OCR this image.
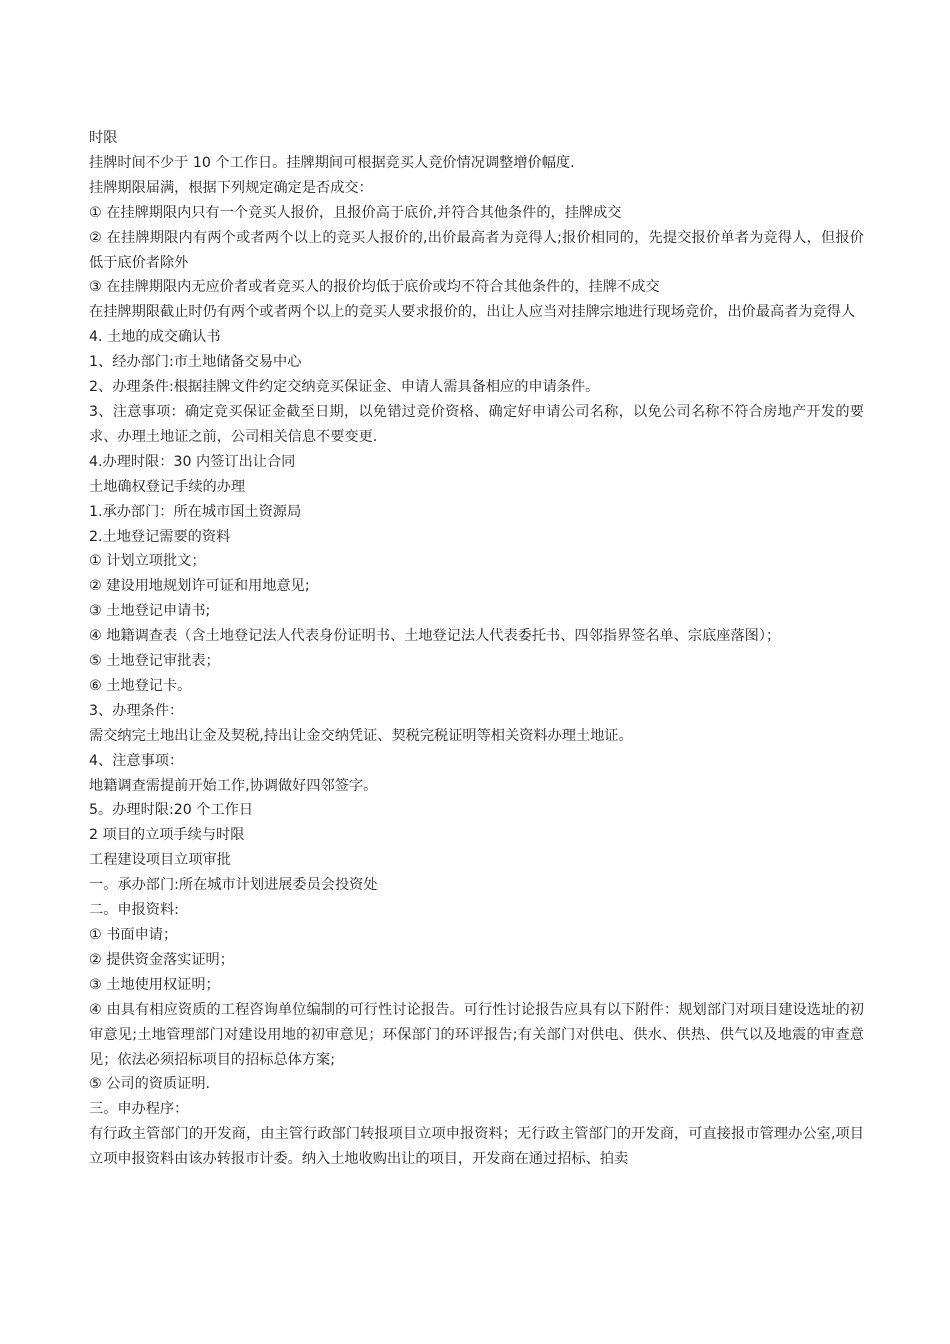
时限
挂牌时间不少于 10 个工作日。挂牌期间可根据竞买人竞价情况调整增价幅度.
挂牌期限届满，根据下列规定确定是否成交：
① 在挂牌期限内只有一个竞买人报价，且报价高于底价,并符合其他条件的，挂牌成交
② 在挂牌期限内有两个或者两个以上的竞买人报价的,出价最高者为竞得人;报价相同的，先提交报价单者为竞得人，但报价低于底价者除外
③ 在挂牌期限内无应价者或者竞买人的报价均低于底价或均不符合其他条件的，挂牌不成交
在挂牌期限截止时仍有两个或者两个以上的竞买人要求报价的，出让人应当对挂牌宗地进行现场竞价，出价最高者为竞得人
4. 土地的成交确认书
1、经办部门:市土地储备交易中心
2、办理条件:根据挂牌文件约定交纳竞买保证金、申请人需具备相应的申请条件。
3、注意事项：确定竞买保证金截至日期，以免错过竞价资格、确定好申请公司名称，以免公司名称不符合房地产开发的要求、办理土地证之前，公司相关信息不要变更.
4.办理时限：30 内签订出让合同
土地确权登记手续的办理
1.承办部门：所在城市国土资源局
2.土地登记需要的资料
① 计划立项批文；
② 建设用地规划许可证和用地意见;
③ 土地登记申请书;
④ 地籍调查表（含土地登记法人代表身份证明书、土地登记法人代表委托书、四邻指界签名单、宗底座落图）；
⑤ 土地登记审批表；
⑥ 土地登记卡。
3、办理条件：
需交纳完土地出让金及契税,持出让金交纳凭证、契税完税证明等相关资料办理土地证。
4、注意事项：
地籍调查需提前开始工作,协调做好四邻签字。
5。办理时限:20 个工作日
2 项目的立项手续与时限
工程建设项目立项审批
一。承办部门:所在城市计划进展委员会投资处
二。申报资料:
① 书面申请；
② 提供资金落实证明；
③ 土地使用权证明；
④ 由具有相应资质的工程咨询单位编制的可行性讨论报告。可行性讨论报告应具有以下附件：规划部门对项目建设选址的初审意见;土地管理部门对建设用地的初审意见；环保部门的环评报告;有关部门对供电、供水、供热、供气以及地震的审查意见；依法必须招标项目的招标总体方案;
⑤ 公司的资质证明.
三。申办程序：
有行政主管部门的开发商，由主管行政部门转报项目立项申报资料；无行政主管部门的开发商，可直接报市管理办公室,项目立项申报资料由该办转报市计委。纳入土地收购出让的项目，开发商在通过招标、拍卖
